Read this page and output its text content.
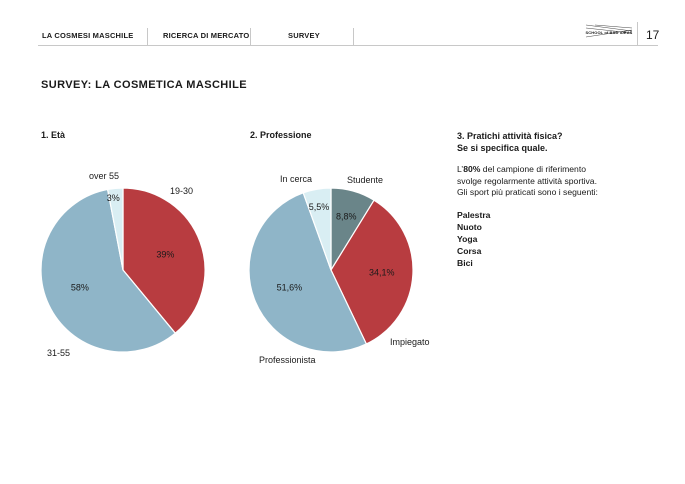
LA COSMESI MASCHILE	RICERCA DI MERCATO	SURVEY	SCHOOL of BAD IDEAS 17
SURVEY: LA COSMETICA MASCHILE
1. Età
39%
19-30
58%
31-55
3%
over 55
2. Professione
8,8%
Studente
34,1%
Impiegato
51,6%
Professionista
5,5%
In cerca

3. Pratichi attività fisica?

Se si specifica quale.

L’80% del campione di riferimento

svolge regolarmente attività sportiva.

Gli sport più praticati sono i seguenti:

Palestra

Nuoto

Yoga

Corsa

Bici
